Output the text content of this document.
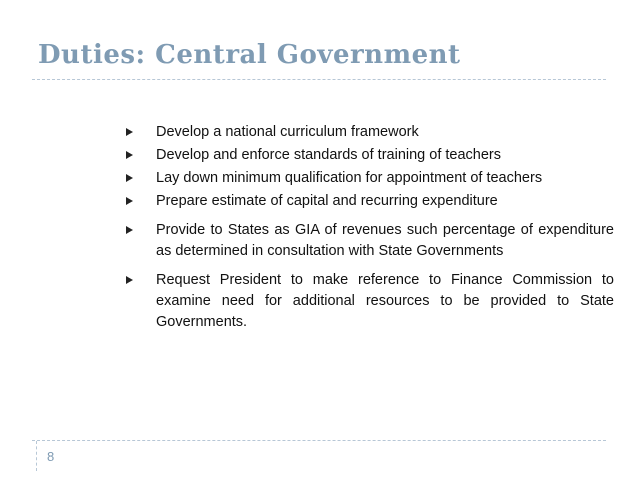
Duties: Central Government
Develop a national curriculum framework
Develop and enforce standards of training of teachers
Lay down minimum qualification for appointment of teachers
Prepare estimate of capital and recurring expenditure
Provide to States as GIA of revenues such percentage of expenditure as determined in consultation with State Governments
Request President to make reference to Finance Commission to examine need for additional resources to be provided to State Governments.
8
